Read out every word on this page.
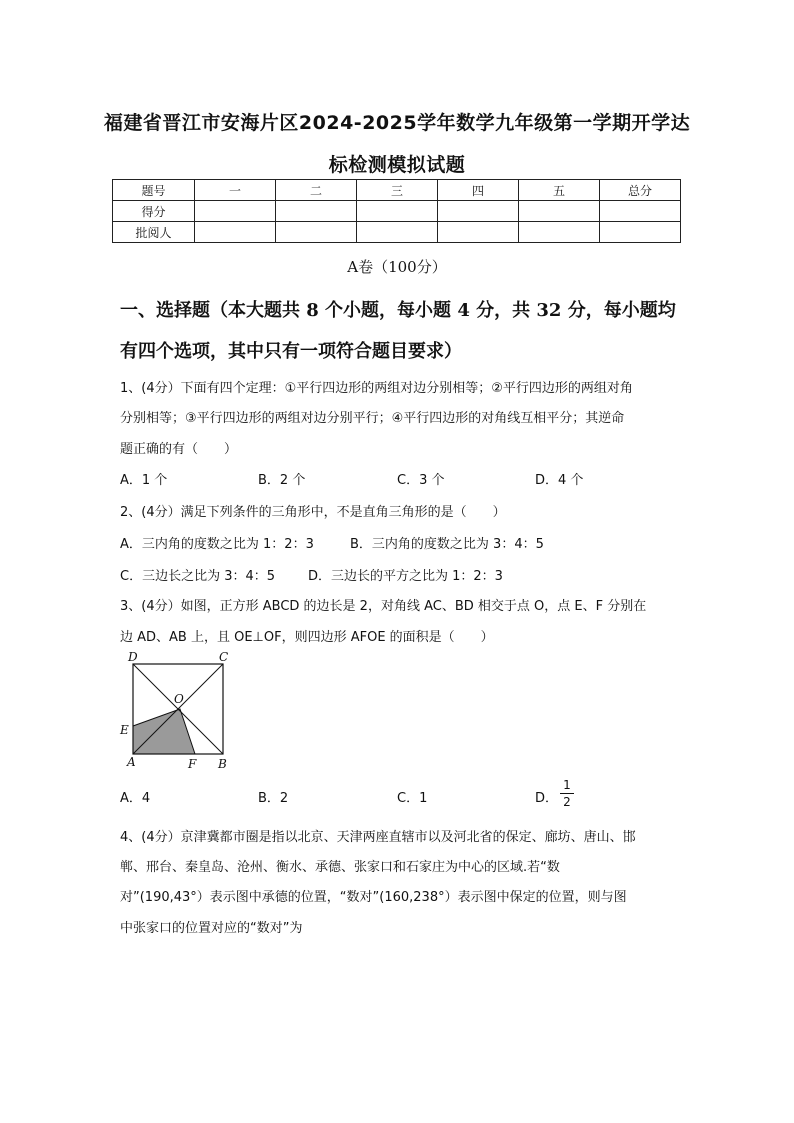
福建省晋江市安海片区2024-2025学年数学九年级第一学期开学达
标检测模拟试题
题号	一	二	三	四	五	总分
得分						
批阅人						
A卷（100分）
一、选择题（本大题共 8 个小题，每小题 4 分，共 32 分，每小题均
有四个选项，其中只有一项符合题目要求）
1、(4分）下面有四个定理：①平行四边形的两组对边分别相等；②平行四边形的两组对角
分别相等；③平行四边形的两组对边分别平行；④平行四边形的对角线互相平分；其逆命
题正确的有（　　）
A．1 个	B．2 个	C．3 个	D．4 个
2、(4分）满足下列条件的三角形中，不是直角三角形的是（　　）
A．三内角的度数之比为 1：2：3	B．三内角的度数之比为 3：4：5
C．三边长之比为 3：4：5	D．三边长的平方之比为 1：2：3
3、(4分）如图，正方形 ABCD 的边长是 2，对角线 AC、BD 相交于点 O，点 E、F 分别在
边 AD、AB 上，且 OE⊥OF，则四边形 AFOE 的面积是（　　）
D	C
O
E
A	F B
A．4	B．2	C．1	D．
1
2
4、(4分）京津冀都市圈是指以北京、天津两座直辖市以及河北省的保定、廊坊、唐山、邯
郸、邢台、秦皇岛、沧州、衡水、承德、张家口和石家庄为中心的区域.若“数
对”(190,43°）表示图中承德的位置，“数对”(160,238°）表示图中保定的位置，则与图
中张家口的位置对应的“数对”为
